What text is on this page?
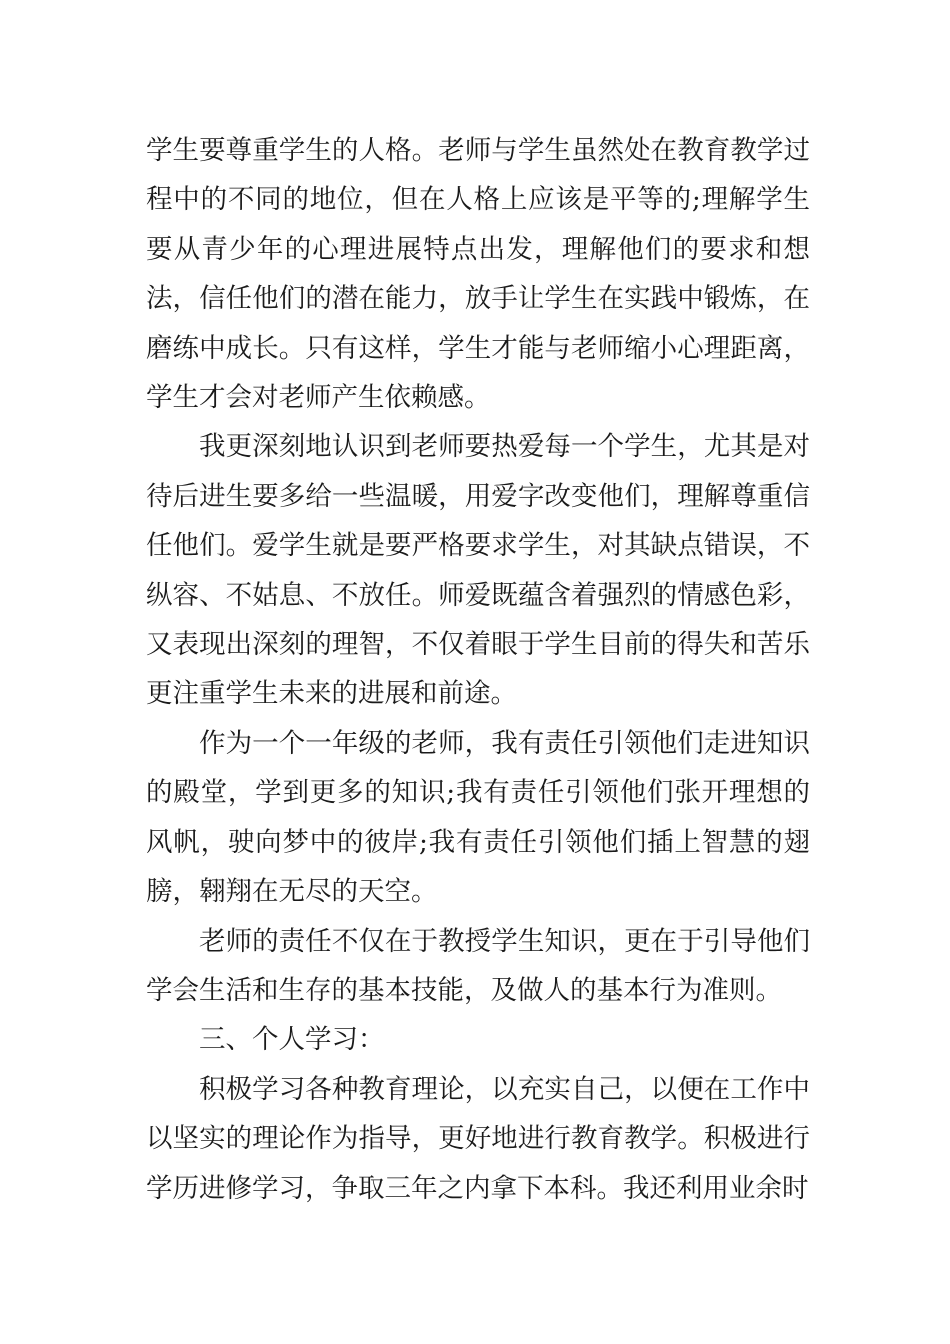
学生要尊重学生的人格。老师与学生虽然处在教育教学过程中的不同的地位，但在人格上应该是平等的;理解学生要从青少年的心理进展特点出发，理解他们的要求和想法，信任他们的潜在能力，放手让学生在实践中锻炼，在磨练中成长。只有这样，学生才能与老师缩小心理距离，学生才会对老师产生依赖感。

我更深刻地认识到老师要热爱每一个学生，尤其是对待后进生要多给一些温暖，用爱字改变他们，理解尊重信任他们。爱学生就是要严格要求学生，对其缺点错误，不纵容、不姑息、不放任。师爱既蕴含着强烈的情感色彩，又表现出深刻的理智，不仅着眼于学生目前的得失和苦乐更注重学生未来的进展和前途。

作为一个一年级的老师，我有责任引领他们走进知识的殿堂，学到更多的知识;我有责任引领他们张开理想的风帆，驶向梦中的彼岸;我有责任引领他们插上智慧的翅膀，翱翔在无尽的天空。

老师的责任不仅在于教授学生知识，更在于引导他们学会生活和生存的基本技能，及做人的基本行为准则。

三、个人学习：

积极学习各种教育理论，以充实自己，以便在工作中以坚实的理论作为指导，更好地进行教育教学。积极进行学历进修学习，争取三年之内拿下本科。我还利用业余时
